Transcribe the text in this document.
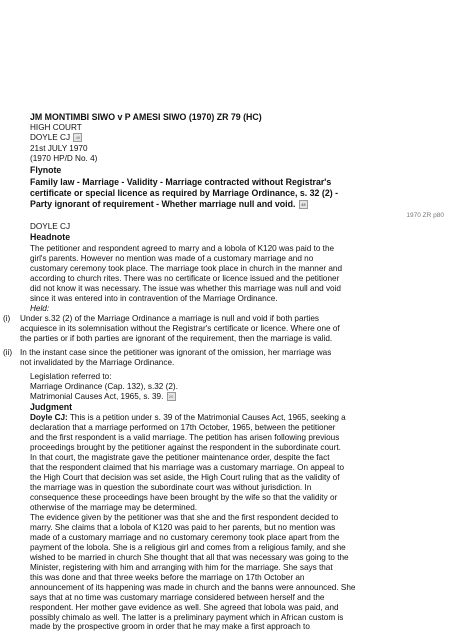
JM MONTIMBI SIWO v P AMESI SIWO (1970) ZR 79 (HC)
HIGH COURT
DOYLE CJ 40
21st JULY 1970
(1970 HP/D No. 4)
Flynote
Family law - Marriage - Validity - Marriage contracted without Registrar's
certificate or special licence as required by Marriage Ordinance, s. 32 (2) -
Party ignorant of requirement - Whether marriage null and void. 45
1970 ZR p80
DOYLE CJ
Headnote
The petitioner and respondent agreed to marry and a lobola of K120 was paid to the
girl's parents. However no mention was made of a customary marriage and no
customary ceremony took place. The marriage took place in church in the manner and
according to church rites. There was no certificate or licence issued and the petitioner
did not know it was necessary. The issue was whether this marriage was null and void
since it was entered into in contravention of the Marriage Ordinance.
Held:
(i) Under s.32 (2) of the Marriage Ordinance a marriage is null and void if both parties
acquiesce in its solemnisation without the Registrar's certificate or licence. Where one of
the parties or if both parties are ignorant of the requirement, then the marriage is valid.
(ii) In the instant case since the petitioner was ignorant of the omission, her marriage was
not invalidated by the Marriage Ordinance.
Legislation referred to:
Marriage Ordinance (Cap. 132), s.32 (2).
Matrimonial Causes Act, 1965, s. 39. 20
Judgment
Doyle CJ: This is a petition under s. 39 of the Matrimonial Causes Act, 1965, seeking a
declaration that a marriage performed on 17th October, 1965, between the petitioner
and the first respondent is a valid marriage. The petition has arisen following previous
proceedings brought by the petitioner against the respondent in the subordinate court.
In that court, the magistrate gave the petitioner maintenance order, despite the fact
that the respondent claimed that his marriage was a customary marriage. On appeal to
the High Court that decision was set aside, the High Court ruling that as the validity of
the marriage was in question the subordinate court was without jurisdiction. In
consequence these proceedings have been brought by the wife so that the validity or
otherwise of the marriage may be determined.
The evidence given by the petitioner was that she and the first respondent decided to
marry. She claims that a lobola of K120 was paid to her parents, but no mention was
made of a customary marriage and no customary ceremony took place apart from the
payment of the lobola. She is a religious girl and comes from a religious family, and she
wished to be married in church She thought that all that was necessary was going to the
Minister, registering with him and arranging with him for the marriage. She says that
this was done and that three weeks before the marriage on 17th October an
announcement of its happening was made in church and the banns were announced. She
says that at no time was customary marriage considered between herself and the
respondent. Her mother gave evidence as well. She agreed that lobola was paid, and
possibly chimalo as well. The latter is a preliminary payment which in African custom is
made by the prospective groom in order that he may make a first approach to
